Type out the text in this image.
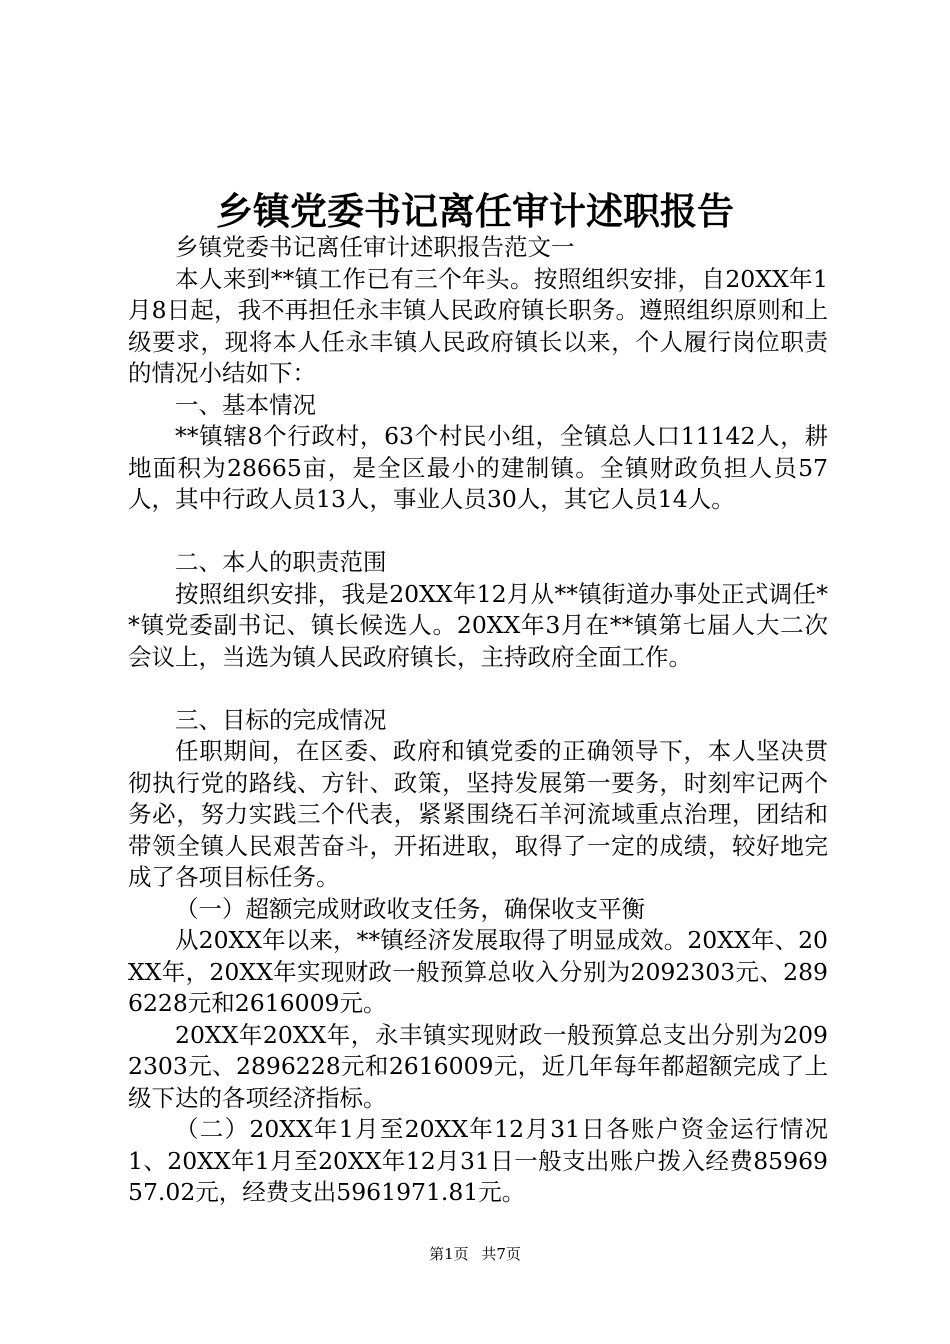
乡镇党委书记离任审计述职报告

乡镇党委书记离任审计述职报告范文一

本人来到**镇工作已有三个年头。按照组织安排，自20XX年1月8日起，我不再担任永丰镇人民政府镇长职务。遵照组织原则和上级要求，现将本人任永丰镇人民政府镇长以来，个人履行岗位职责的情况小结如下：

一、基本情况

**镇辖8个行政村，63个村民小组，全镇总人口11142人，耕地面积为28665亩，是全区最小的建制镇。全镇财政负担人员57人，其中行政人员13人，事业人员30人，其它人员14人。

二、本人的职责范围

按照组织安排，我是20XX年12月从**镇街道办事处正式调任**镇党委副书记、镇长候选人。20XX年3月在**镇第七届人大二次会议上，当选为镇人民政府镇长，主持政府全面工作。

三、目标的完成情况

任职期间，在区委、政府和镇党委的正确领导下，本人坚决贯彻执行党的路线、方针、政策，坚持发展第一要务，时刻牢记两个务必，努力实践三个代表，紧紧围绕石羊河流域重点治理，团结和带领全镇人民艰苦奋斗，开拓进取，取得了一定的成绩，较好地完成了各项目标任务。

（一）超额完成财政收支任务，确保收支平衡

从20XX年以来，**镇经济发展取得了明显成效。20XX年、20XX年，20XX年实现财政一般预算总收入分别为2092303元、2896228元和2616009元。

20XX年20XX年，永丰镇实现财政一般预算总支出分别为2092303元、2896228元和2616009元，近几年每年都超额完成了上级下达的各项经济指标。

（二）20XX年1月至20XX年12月31日各账户资金运行情况1、20XX年1月至20XX年12月31日一般支出账户拨入经费8596957.02元，经费支出5961971.81元。

第1页 共7页
